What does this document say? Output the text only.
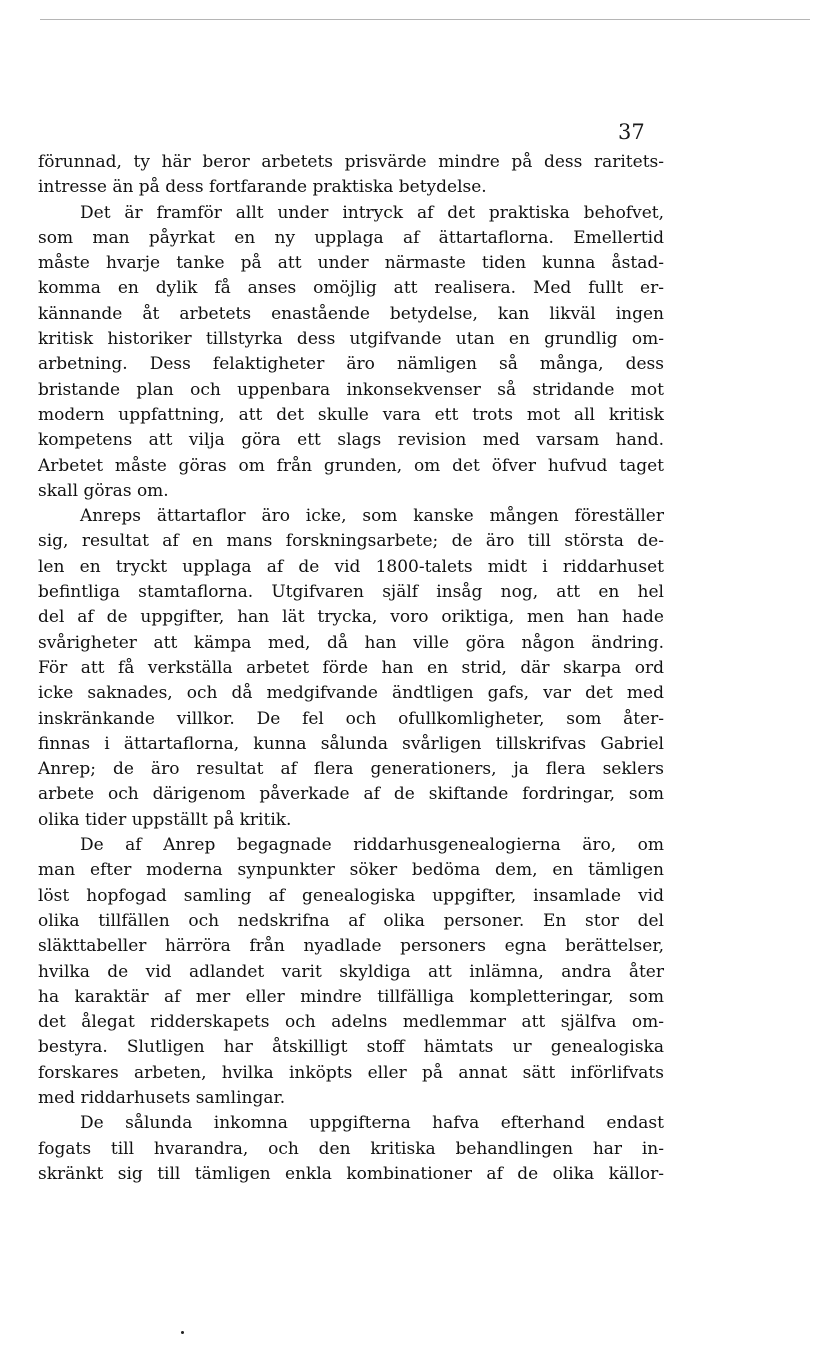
37
förunnad, ty här beror arbetets prisvärde mindre på dess raritets-
intresse än på dess fortfarande praktiska betydelse.
Det är framför allt under intryck af det praktiska behofvet,
som man påyrkat en ny upplaga af ättartaflorna. Emellertid
måste hvarje tanke på att under närmaste tiden kunna åstad-
komma en dylik få anses omöjlig att realisera. Med fullt er-
kännande åt arbetets enastående betydelse, kan likväl ingen
kritisk historiker tillstyrka dess utgifvande utan en grundlig om-
arbetning. Dess felaktigheter äro nämligen så många, dess
bristande plan och uppenbara inkonsekvenser så stridande mot
modern uppfattning, att det skulle vara ett trots mot all kritisk
kompetens att vilja göra ett slags revision med varsam hand.
Arbetet måste göras om från grunden, om det öfver hufvud taget
skall göras om.
Anreps ättartaflor äro icke, som kanske mången föreställer
sig, resultat af en mans forskningsarbete; de äro till största de-
len en tryckt upplaga af de vid 1800-talets midt i riddarhuset
befintliga stamtaflorna. Utgifvaren själf insåg nog, att en hel
del af de uppgifter, han lät trycka, voro oriktiga, men han hade
svårigheter att kämpa med, då han ville göra någon ändring.
För att få verkställa arbetet förde han en strid, där skarpa ord
icke saknades, och då medgifvande ändtligen gafs, var det med
inskränkande villkor. De fel och ofullkomligheter, som åter-
finnas i ättartaflorna, kunna sålunda svårligen tillskrifvas Gabriel
Anrep; de äro resultat af flera generationers, ja flera seklers
arbete och därigenom påverkade af de skiftande fordringar, som
olika tider uppställt på kritik.
De af Anrep begagnade riddarhusgenealogierna äro, om
man efter moderna synpunkter söker bedöma dem, en tämligen
löst hopfogad samling af genealogiska uppgifter, insamlade vid
olika tillfällen och nedskrifna af olika personer. En stor del
släkttabeller härröra från nyadlade personers egna berättelser,
hvilka de vid adlandet varit skyldiga att inlämna, andra åter
ha karaktär af mer eller mindre tillfälliga kompletteringar, som
det ålegat ridderskapets och adelns medlemmar att själfva om-
bestyra. Slutligen har åtskilligt stoff hämtats ur genealogiska
forskares arbeten, hvilka inköpts eller på annat sätt införlifvats
med riddarhusets samlingar.
De sålunda inkomna uppgifterna hafva efterhand endast
fogats till hvarandra, och den kritiska behandlingen har in-
skränkt sig till tämligen enkla kombinationer af de olika källor-
